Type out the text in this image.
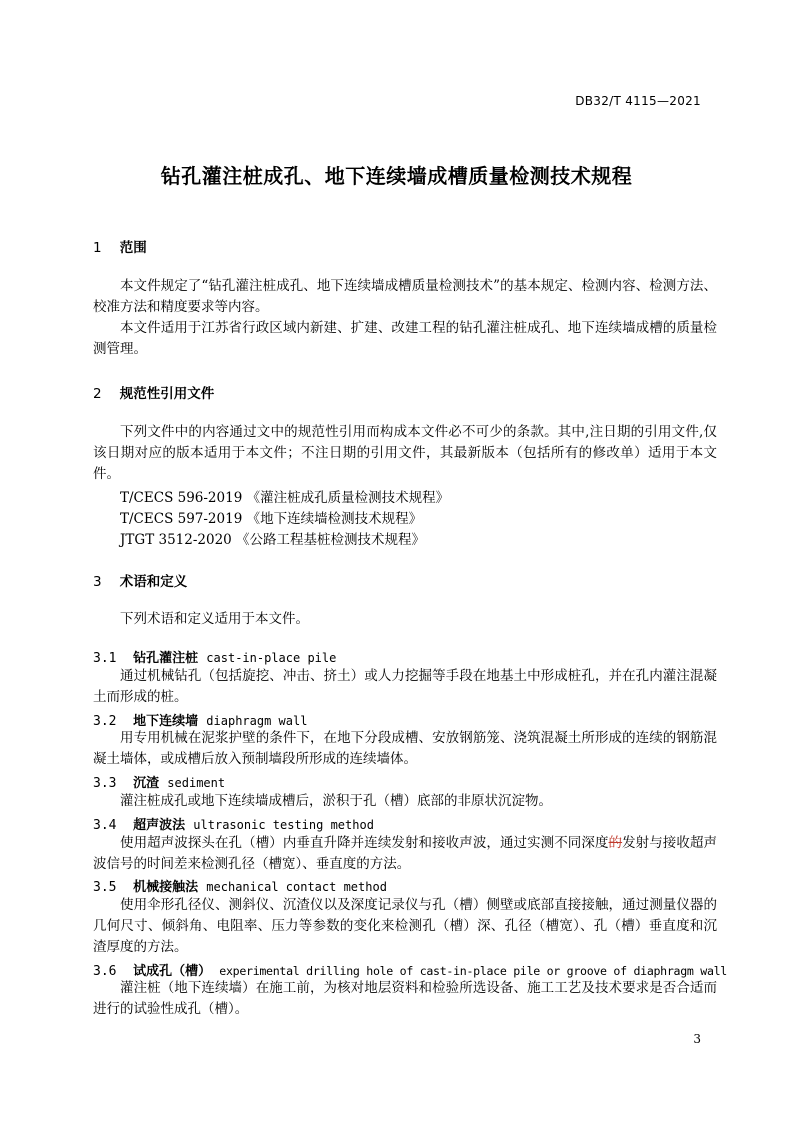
DB32/T 4115—2021
钻孔灌注桩成孔、地下连续墙成槽质量检测技术规程
1 范围
本文件规定了“钻孔灌注桩成孔、地下连续墙成槽质量检测技术”的基本规定、检测内容、检测方法、校准方法和精度要求等内容。
本文件适用于江苏省行政区域内新建、扩建、改建工程的钻孔灌注桩成孔、地下连续墙成槽的质量检测管理。
2 规范性引用文件
下列文件中的内容通过文中的规范性引用而构成本文件必不可少的条款。其中,注日期的引用文件,仅该日期对应的版本适用于本文件；不注日期的引用文件，其最新版本（包括所有的修改单）适用于本文件。
T/CECS 596-2019 《灌注桩成孔质量检测技术规程》
T/CECS 597-2019 《地下连续墙检测技术规程》
JTGT 3512-2020 《公路工程基桩检测技术规程》
3 术语和定义
下列术语和定义适用于本文件。
3.1 钻孔灌注桩 cast-in-place pile
通过机械钻孔（包括旋挖、冲击、挤土）或人力挖掘等手段在地基土中形成桩孔，并在孔内灌注混凝土而形成的桩。
3.2 地下连续墙 diaphragm wall
用专用机械在泥浆护壁的条件下，在地下分段成槽、安放钢筋笼、浇筑混凝土所形成的连续的钢筋混凝土墙体，或成槽后放入预制墙段所形成的连续墙体。
3.3 沉渣 sediment
灌注桩成孔或地下连续墙成槽后，淤积于孔（槽）底部的非原状沉淀物。
3.4 超声波法 ultrasonic testing method
使用超声波探头在孔（槽）内垂直升降并连续发射和接收声波，通过实测不同深度的发射与接收超声波信号的时间差来检测孔径（槽宽）、垂直度的方法。
3.5 机械接触法 mechanical contact method
使用伞形孔径仪、测斜仪、沉渣仪以及深度记录仪与孔（槽）侧壁或底部直接接触，通过测量仪器的几何尺寸、倾斜角、电阻率、压力等参数的变化来检测孔（槽）深、孔径（槽宽）、孔（槽）垂直度和沉渣厚度的方法。
3.6 试成孔（槽） experimental drilling hole of cast-in-place pile or groove of diaphragm wall
灌注桩（地下连续墙）在施工前，为核对地层资料和检验所选设备、施工工艺及技术要求是否合适而进行的试验性成孔（槽）。
3
